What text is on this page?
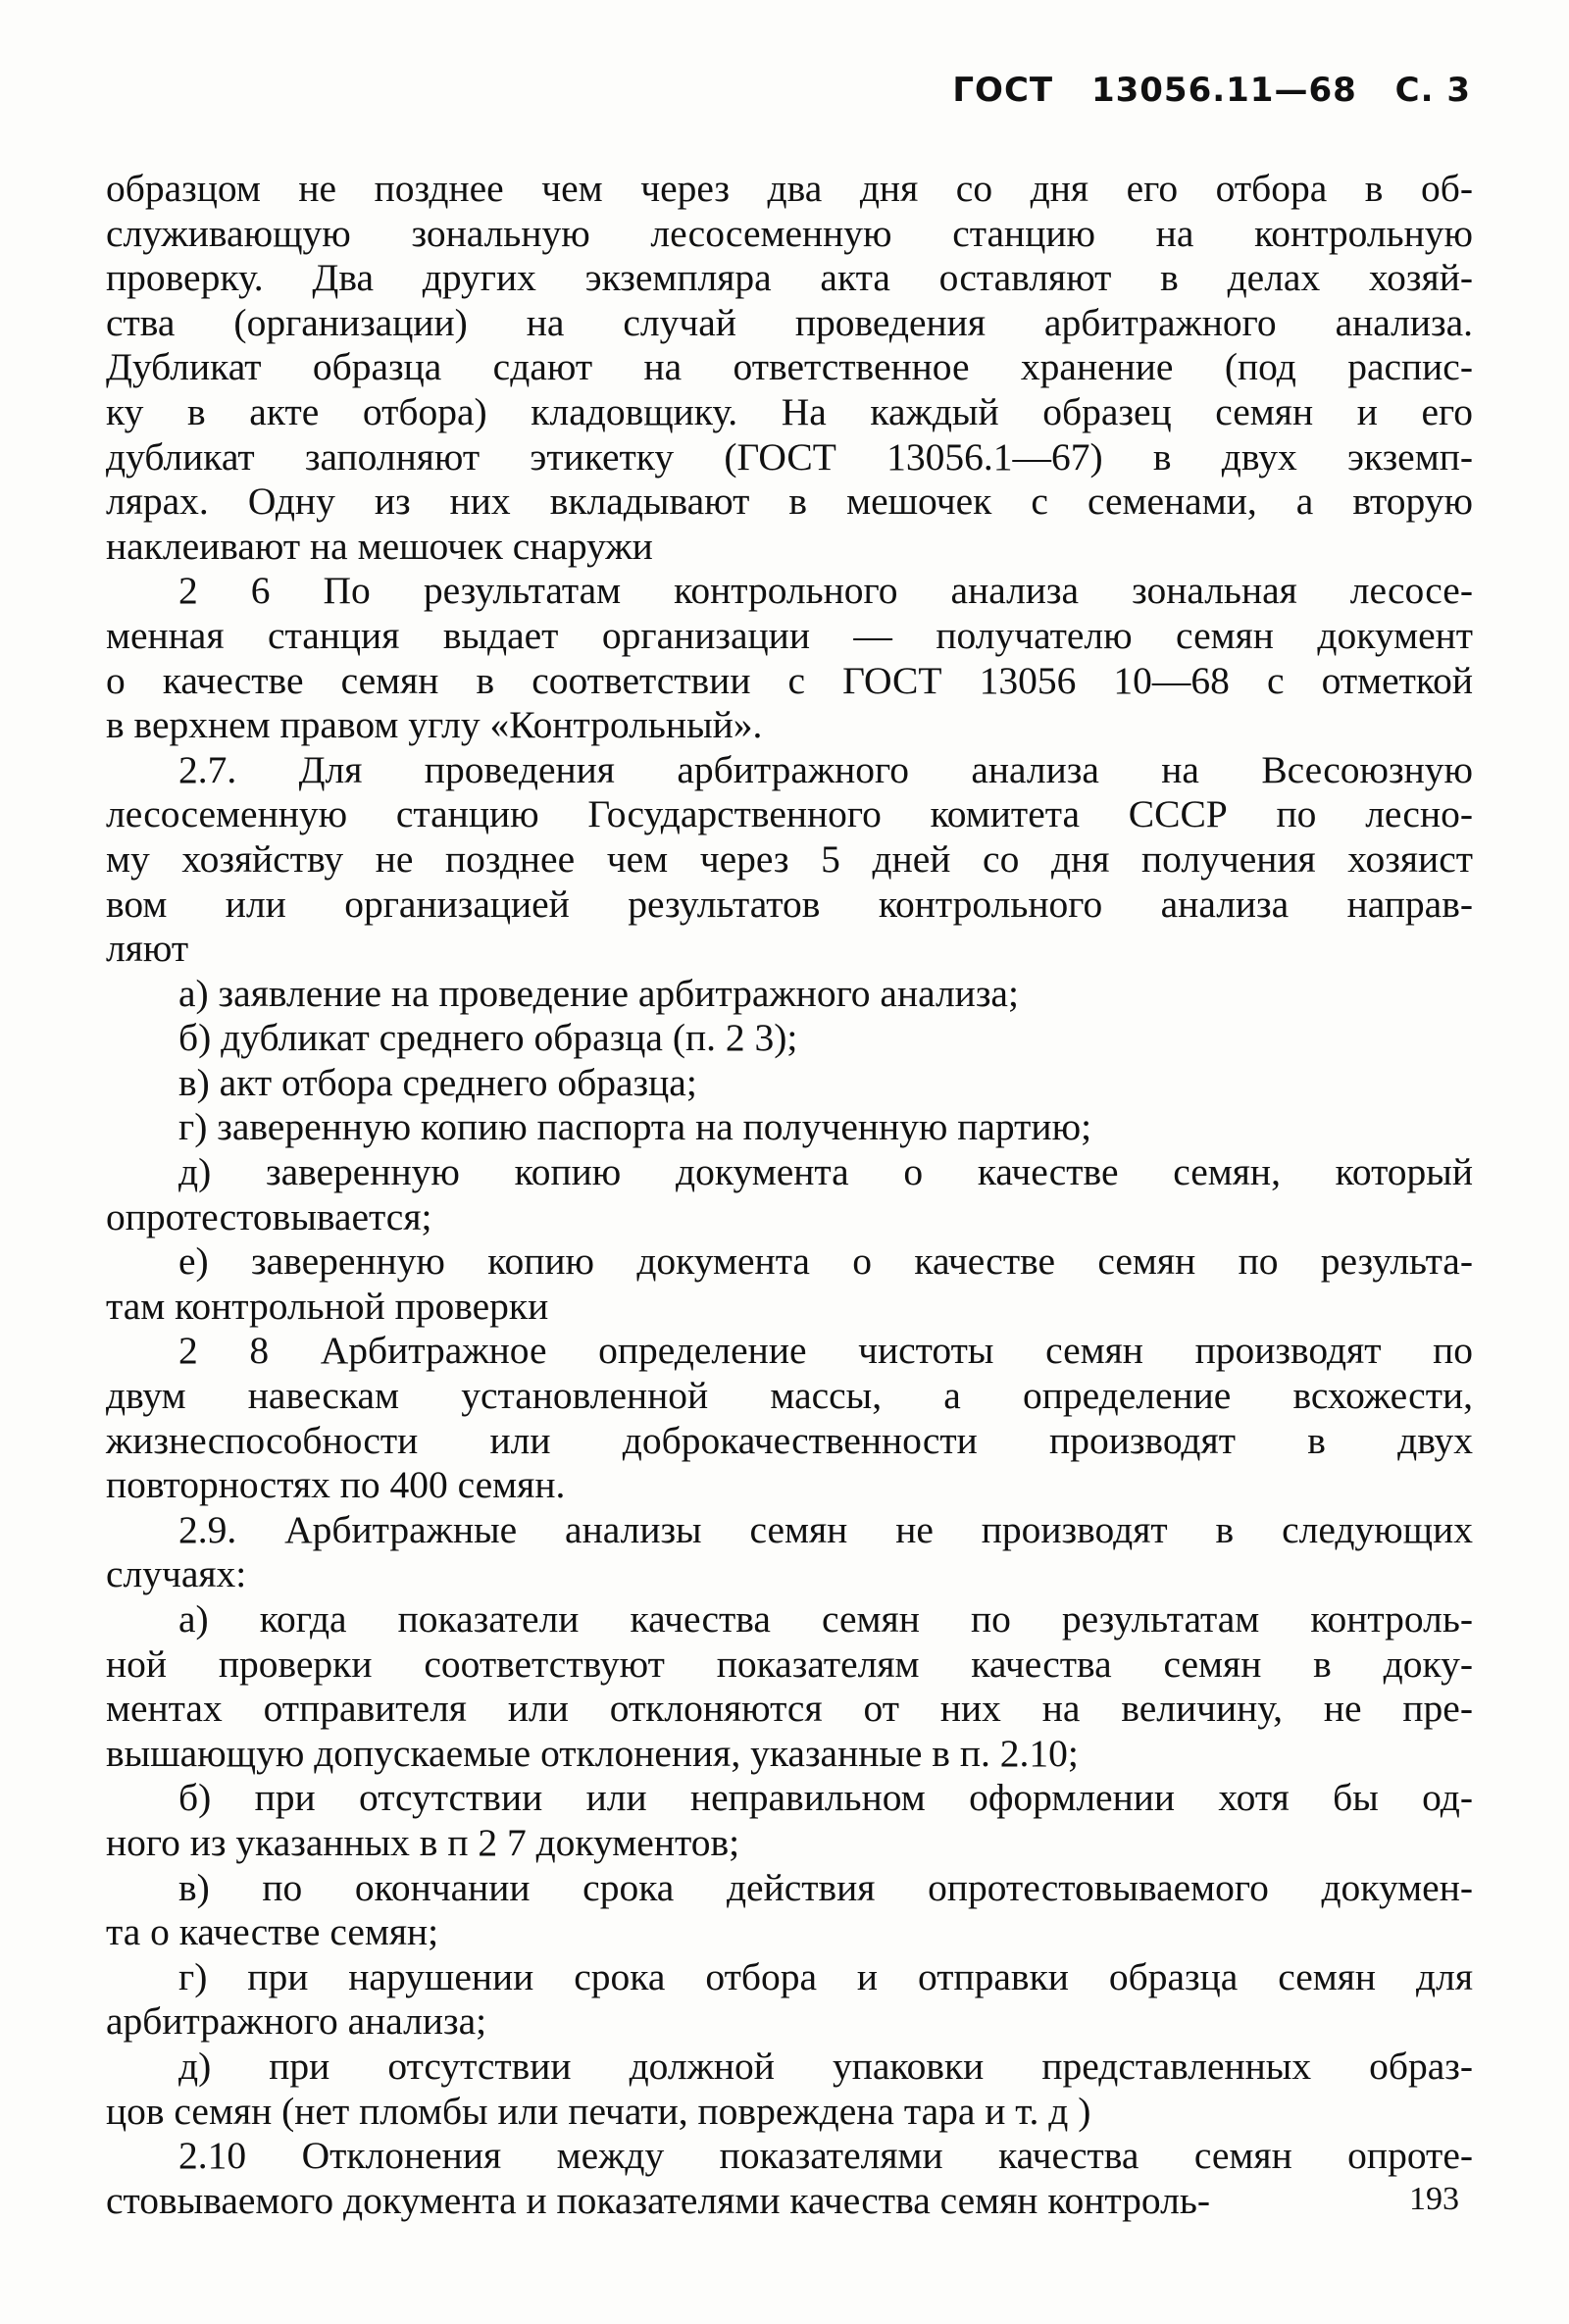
ГОСТ 13056.11—68 С. 3
образцом не позднее чем через два дня со дня его отбора в об-
служивающую зональную лесосеменную станцию на контрольную
проверку. Два других экземпляра акта оставляют в делах хозяй-
ства (организации) на случай проведения арбитражного анализа.
Дубликат образца сдают на ответственное хранение (под распис-
ку в акте отбора) кладовщику. На каждый образец семян и его
дубликат заполняют этикетку (ГОСТ 13056.1—67) в двух экземп-
лярах. Одну из них вкладывают в мешочек с семенами, а вторую
наклеивают на мешочек снаружи
2 6 По результатам контрольного анализа зональная лесосе-
менная станция выдает организации — получателю семян документ
о качестве семян в соответствии с ГОСТ 13056 10—68 с отметкой
в верхнем правом углу «Контрольный».
2.7. Для проведения арбитражного анализа на Всесоюзную
лесосеменную станцию Государственного комитета СССР по лесно-
му хозяйству не позднее чем через 5 дней со дня получения хозяист
вом или организацией результатов контрольного анализа направ-
ляют
а) заявление на проведение арбитражного анализа;
б) дубликат среднего образца (п. 2 3);
в) акт отбора среднего образца;
г) заверенную копию паспорта на полученную партию;
д) заверенную копию документа о качестве семян, который
опротестовывается;
е) заверенную копию документа о качестве семян по результа-
там контрольной проверки
2 8 Арбитражное определение чистоты семян производят по
двум навескам установленной массы, а определение всхожести,
жизнеспособности или доброкачественности производят в двух
повторностях по 400 семян.
2.9. Арбитражные анализы семян не производят в следующих
случаях:
а) когда показатели качества семян по результатам контроль-
ной проверки соответствуют показателям качества семян в доку-
ментах отправителя или отклоняются от них на величину, не пре-
вышающую допускаемые отклонения, указанные в п. 2.10;
б) при отсутствии или неправильном оформлении хотя бы од-
ного из указанных в п 2 7 документов;
в) по окончании срока действия опротестовываемого докумен-
та о качестве семян;
г) при нарушении срока отбора и отправки образца семян для
арбитражного анализа;
д) при отсутствии должной упаковки представленных образ-
цов семян (нет пломбы или печати, повреждена тара и т. д )
2.10 Отклонения между показателями качества семян опроте-
стовываемого документа и показателями качества семян контроль-	193
